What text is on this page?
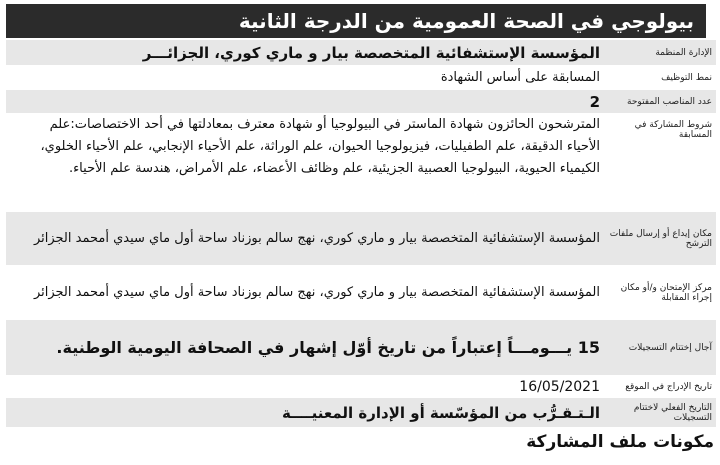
بيولوجي في الصحة العمومية من الدرجة الثانية
الإدارة المنظمة
المؤسسة الإستشفائية المتخصصة بيار و ماري كوري، الجزائـــر
نمط التوظيف
المسابقة على أساس الشهادة
عدد المناصب المفتوحة
2
شروط المشاركة في المسابقة
المترشحون الحائزون شهادة الماستر في البيولوجيا أو شهادة معترف بمعادلتها في أحد الاختصاصات:علم الأحياء الدقيقة، علم الطفيليات، فيزيولوجيا الحيوان، علم الوراثة، علم الأحياء الإنجابي، علم الأحياء الخلوي، الكيمياء الحيوية، البيولوجيا العصبية الجزيئية، علم وظائف الأعضاء، علم الأمراض، هندسة علم الأحياء.
مكان إيداع أو إرسال ملفات الترشح
المؤسسة الإستشفائية المتخصصة بيار و ماري كوري، نهج سالم بوزناد ساحة أول ماي سيدي أمحمد الجزائر
مركز الإمتحان و/أو مكان إجراء المقابلة
المؤسسة الإستشفائية المتخصصة بيار و ماري كوري، نهج سالم بوزناد ساحة أول ماي سيدي أمحمد الجزائر
آجال إختتام التسجيلات
15 يـــومـــاً إعتباراً من تاريخ أوّل إشهار في الصحافة اليومية الوطنية.
تاريخ الإدراج في الموقع
16/05/2021
التاريخ الفعلي لاختتام التسجيلات
الـتـقـرُّب من المؤسّسة أو الإدارة المعنيــــة
مكونات ملف المشاركة
